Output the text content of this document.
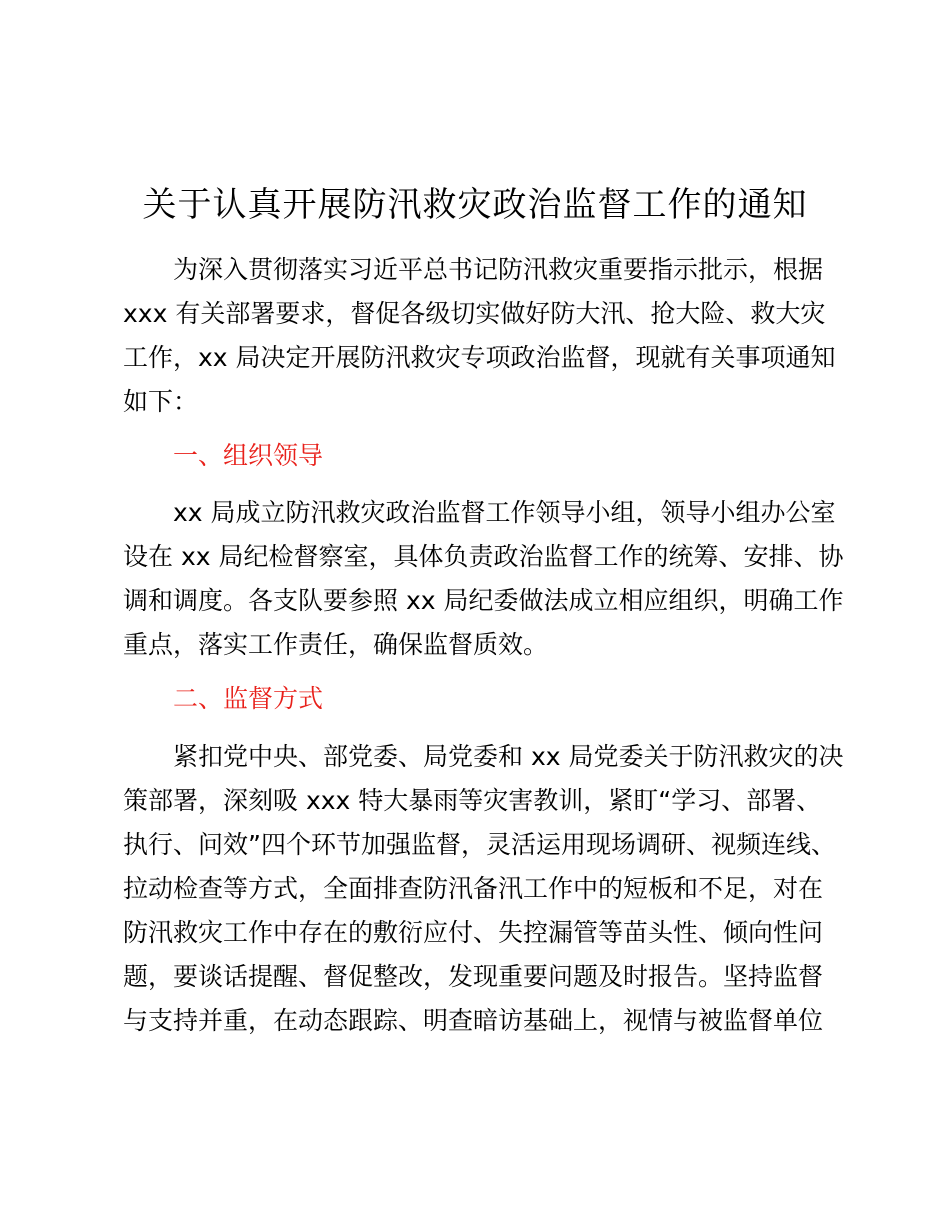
关于认真开展防汛救灾政治监督工作的通知
为深入贯彻落实习近平总书记防汛救灾重要指示批示，根据
xxx 有关部署要求，督促各级切实做好防大汛、抢大险、救大灾
工作，xx 局决定开展防汛救灾专项政治监督，现就有关事项通知
如下：
一、组织领导
xx 局成立防汛救灾政治监督工作领导小组，领导小组办公室
设在 xx 局纪检督察室，具体负责政治监督工作的统筹、安排、协
调和调度。各支队要参照 xx 局纪委做法成立相应组织，明确工作
重点，落实工作责任，确保监督质效。
二、监督方式
紧扣党中央、部党委、局党委和 xx 局党委关于防汛救灾的决
策部署，深刻吸 xxx 特大暴雨等灾害教训，紧盯“学习、部署、
执行、问效”四个环节加强监督，灵活运用现场调研、视频连线、
拉动检查等方式，全面排查防汛备汛工作中的短板和不足，对在
防汛救灾工作中存在的敷衍应付、失控漏管等苗头性、倾向性问
题，要谈话提醒、督促整改，发现重要问题及时报告。坚持监督
与支持并重，在动态跟踪、明查暗访基础上，视情与被监督单位
